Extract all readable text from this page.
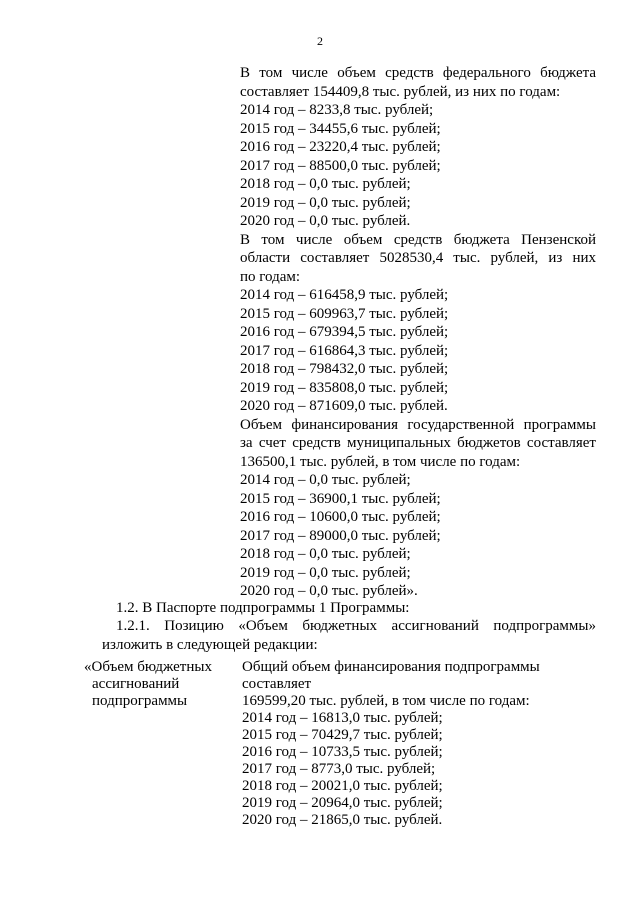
2

В том числе объем средств федерального бюджета

составляет 154409,8 тыс. рублей, из них по годам:

2014 год – 8233,8 тыс. рублей;

2015 год – 34455,6 тыс. рублей;

2016 год – 23220,4 тыс. рублей;

2017 год – 88500,0 тыс. рублей;

2018 год – 0,0 тыс. рублей;

2019 год – 0,0 тыс. рублей;

2020 год – 0,0 тыс. рублей.

В том числе объем средств бюджета Пензенской

области составляет 5028530,4 тыс. рублей, из них

по годам:

2014 год – 616458,9 тыс. рублей;

2015 год – 609963,7 тыс. рублей;

2016 год – 679394,5 тыс. рублей;

2017 год – 616864,3 тыс. рублей;

2018 год – 798432,0 тыс. рублей;

2019 год – 835808,0 тыс. рублей;

2020 год – 871609,0 тыс. рублей.

Объем финансирования государственной программы

за счет средств муниципальных бюджетов составляет

136500,1 тыс. рублей, в том числе по годам:

2014 год – 0,0 тыс. рублей;

2015 год – 36900,1 тыс. рублей;

2016 год – 10600,0 тыс. рублей;

2017 год – 89000,0 тыс. рублей;

2018 год – 0,0 тыс. рублей;

2019 год – 0,0 тыс. рублей;

2020 год – 0,0 тыс. рублей».

1.2. В Паспорте подпрограммы 1 Программы:

1.2.1. Позицию «Объем бюджетных ассигнований подпрограммы»

изложить в следующей редакции:

«Объем бюджетных

ассигнований

подпрограммы

Общий объем финансирования подпрограммы составляет

169599,20 тыс. рублей, в том числе по годам:

2014 год – 16813,0 тыс. рублей;

2015 год – 70429,7 тыс. рублей;

2016 год – 10733,5 тыс. рублей;

2017 год – 8773,0 тыс. рублей;

2018 год – 20021,0 тыс. рублей;

2019 год – 20964,0 тыс. рублей;

2020 год – 21865,0 тыс. рублей.
